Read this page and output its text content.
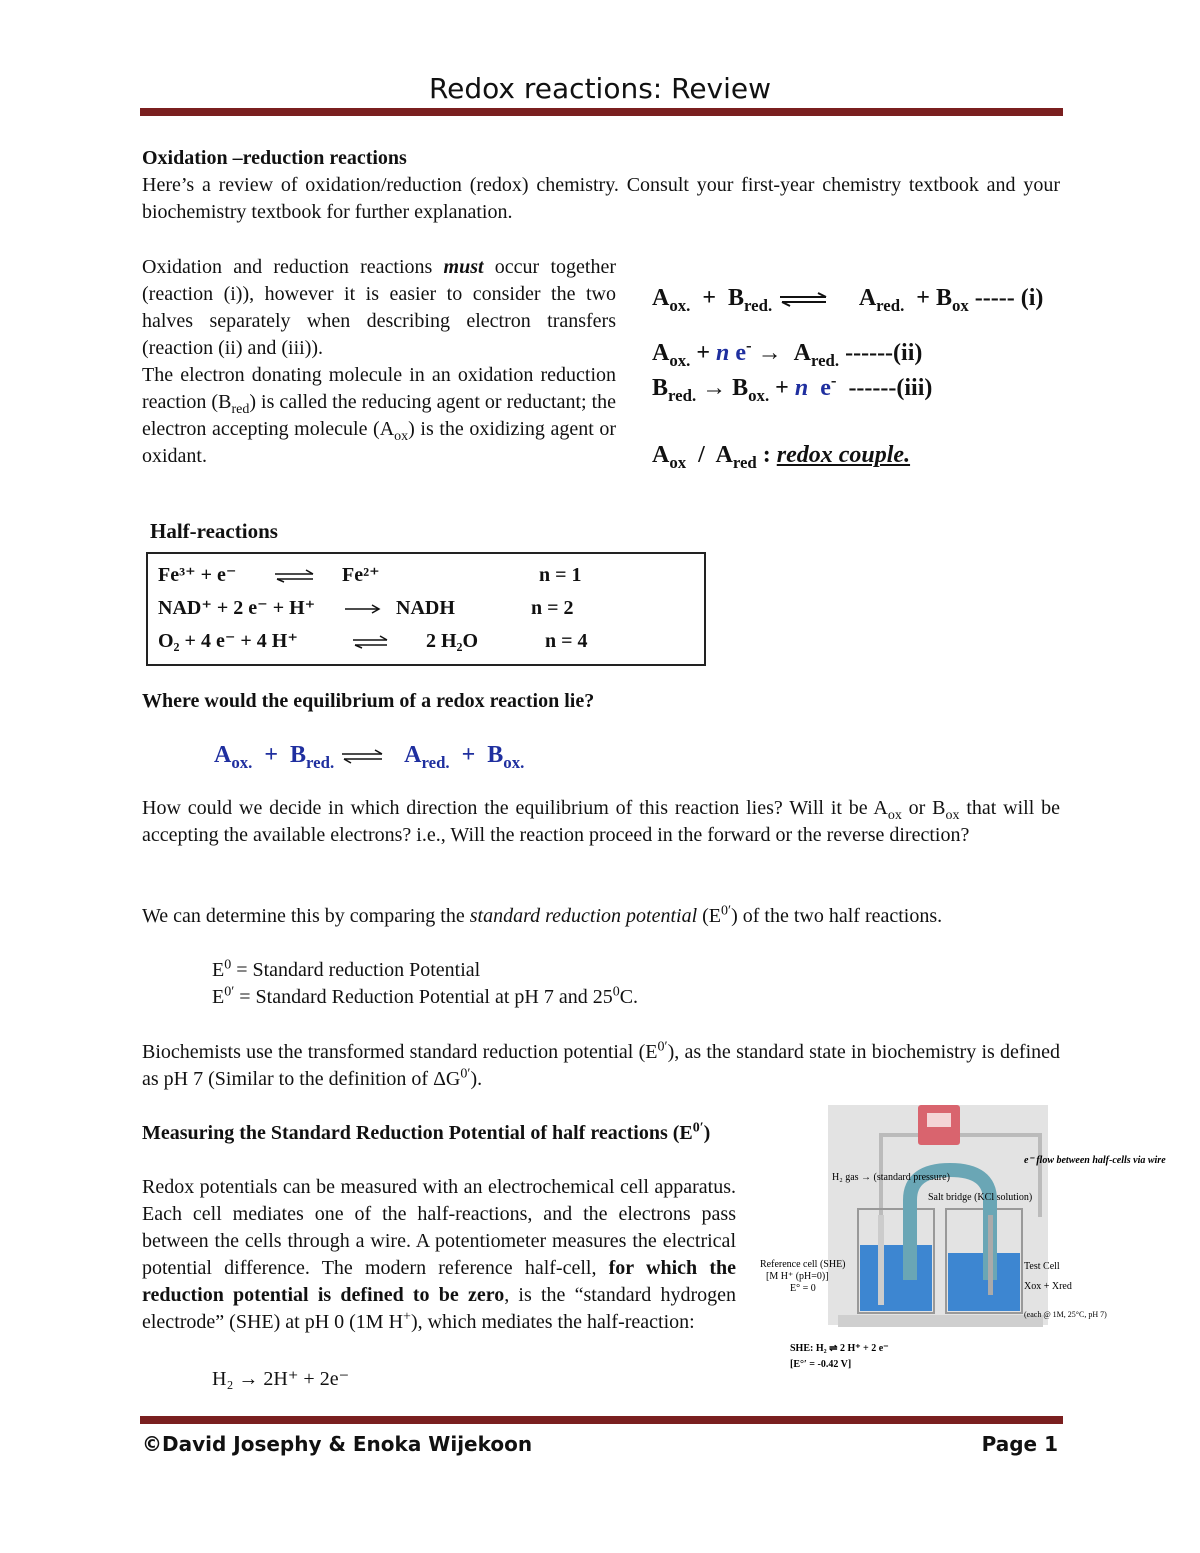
Redox reactions: Review
Oxidation –reduction reactions
Here’s a review of oxidation/reduction (redox) chemistry. Consult your first-year chemistry textbook and your biochemistry textbook for further explanation.
Oxidation and reduction reactions must occur together (reaction (i)), however it is easier to consider the two halves separately when describing electron transfers (reaction (ii) and (iii)).
The electron donating molecule in an oxidation reduction reaction $(B_{red})$ is called the reducing agent or reductant; the electron accepting molecule $(A_{ox})$ is the oxidizing agent or oxidant.
$A_{ox.} + B_{red.}$ ⇌ $A_{red.} + B_{ox}$ ----- (i)
$A_{ox.} + n$ $e^- \to A_{red.}$ ------(ii)
$B_{red.} \to B_{ox.} + n$ e- ------(iii)
$A_{ox} / A_{red}$ : redox couple.
Half-reactions
Fe³⁺ + e⁻ ⇌ Fe²⁺	n = 1
NAD⁺ + 2 e⁻ + H⁺	NADH	n = 2
O₂ + 4 e⁻ + 4 H⁺	2 H₂O	n = 4
Where would the equilibrium of a redox reaction lie?
$A_{ox.} + B_{red.}$ ⇌ $A_{red.} + B_{ox.}$
How could we decide in which direction the equilibrium of this reaction lies? Will it be $A_{ox}$ or $B_{ox}$ that will be accepting the available electrons? i.e., Will the reaction proceed in the forward or the reverse direction?
We can determine this by comparing the standard reduction potential $(E^{0'})$ of the two half reactions.
$E^0$ = Standard reduction Potential
$E^{0'}$ = Standard Reduction Potential at pH 7 and $25^0C$.
Biochemists use the transformed standard reduction potential $(E^{0'})$, as the standard state in biochemistry is defined as pH 7 (Similar to the definition of $\Delta G^{0'}$).
Measuring the Standard Reduction Potential of half reactions $(E^{0'})$
Redox potentials can be measured with an electrochemical cell apparatus. Each cell mediates one of the half-reactions, and the electrons pass between the cells through a wire. A potentiometer measures the electrical potential difference. The modern reference half-cell, for which the reduction potential is defined to be zero, is the “standard hydrogen electrode” (SHE) at pH 0 (1M H+), which mediates the half-reaction:
H₂ → 2H⁺ + 2e⁻
H₂ gas → (standard pressure)
Salt bridge (KCl solution)
e⁻ flow between half-cells via wire
Reference cell (SHE)
[M H⁺ (pH=0)]
E° = 0
Test Cell
Xox + Xred
(each @ 1M, 25°C, pH 7)
SHE: H₂ ⇌ 2 H⁺ + 2 e⁻
[E°′ = -0.42 V]
©David Josephy & Enoka Wijekoon	Page 1
